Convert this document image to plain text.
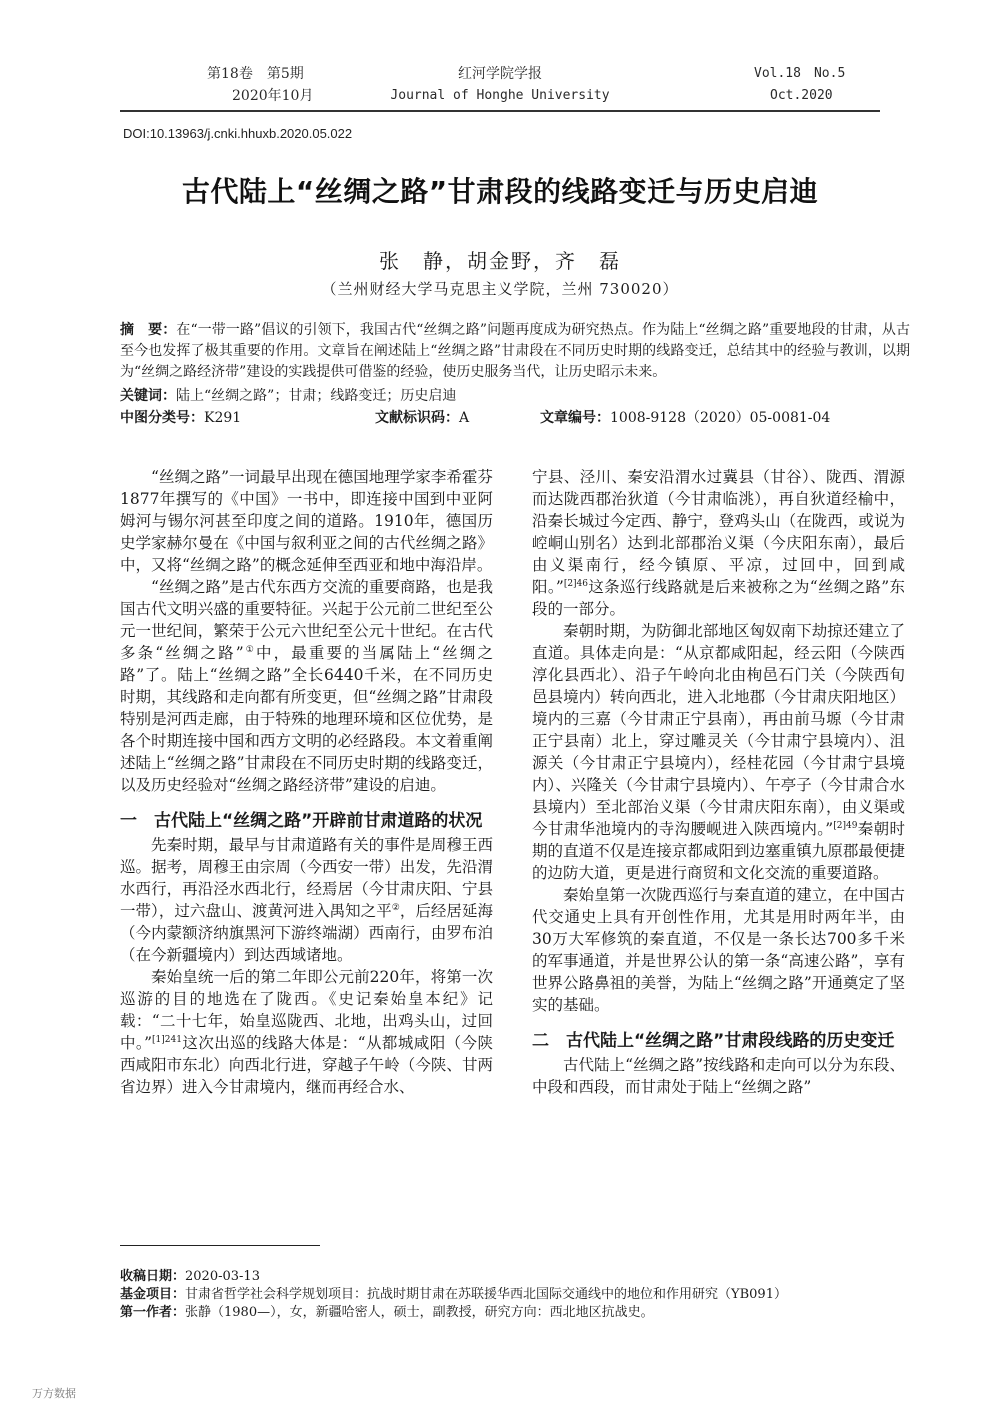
第18卷　第5期
2020年10月
红河学院学报
Journal of Honghe University
Vol.18　No.5
Oct.2020
DOI:10.13963/j.cnki.hhuxb.2020.05.022
古代陆上“丝绸之路”甘肃段的线路变迁与历史启迪
张　静，胡金野，齐　磊
（兰州财经大学马克思主义学院，兰州 730020）
摘　要：在“一带一路”倡议的引领下，我国古代“丝绸之路”问题再度成为研究热点。作为陆上“丝绸之路”重要地段的甘肃，从古至今也发挥了极其重要的作用。文章旨在阐述陆上“丝绸之路”甘肃段在不同历史时期的线路变迁，总结其中的经验与教训，以期为“丝绸之路经济带”建设的实践提供可借鉴的经验，使历史服务当代，让历史昭示未来。
关键词：陆上“丝绸之路”；甘肃；线路变迁；历史启迪
中图分类号：K291	文献标识码：A	文章编号：1008-9128（2020）05-0081-04

“丝绸之路”一词最早出现在德国地理学家李希霍芬1877年撰写的《中国》一书中，即连接中国到中亚阿姆河与锡尔河甚至印度之间的道路。1910年，德国历史学家赫尔曼在《中国与叙利亚之间的古代丝绸之路》中，又将“丝绸之路”的概念延伸至西亚和地中海沿岸。

“丝绸之路”是古代东西方交流的重要商路，也是我国古代文明兴盛的重要特征。兴起于公元前二世纪至公元一世纪间，繁荣于公元六世纪至公元十世纪。在古代多条“丝绸之路”①中，最重要的当属陆上“丝绸之路”了。陆上“丝绸之路”全长6440千米，在不同历史时期，其线路和走向都有所变更，但“丝绸之路”甘肃段特别是河西走廊，由于特殊的地理环境和区位优势，是各个时期连接中国和西方文明的必经路段。本文着重阐述陆上“丝绸之路”甘肃段在不同历史时期的线路变迁，以及历史经验对“丝绸之路经济带”建设的启迪。

一　古代陆上“丝绸之路”开辟前甘肃道路的状况

先秦时期，最早与甘肃道路有关的事件是周穆王西巡。据考，周穆王由宗周（今西安一带）出发，先沿渭水西行，再沿泾水西北行，经焉居（今甘肃庆阳、宁县一带），过六盘山、渡黄河进入禺知之平②，后经居延海（今内蒙额济纳旗黑河下游终端湖）西南行，由罗布泊（在今新疆境内）到达西域诸地。

秦始皇统一后的第二年即公元前220年，将第一次巡游的目的地选在了陇西。《史记秦始皇本纪》记载：“二十七年，始皇巡陇西、北地，出鸡头山，过回中。”$^{[1]241}$这次出巡的线路大体是：“从都城咸阳（今陕西咸阳市东北）向西北行进，穿越子午岭（今陕、甘两省边界）进入今甘肃境内，继而再经合水、

宁县、泾川、秦安沿渭水过冀县（甘谷）、陇西、渭源而达陇西郡治狄道（今甘肃临洮），再自狄道经榆中，沿秦长城过今定西、静宁，登鸡头山（在陇西，或说为崆峒山别名）达到北部郡治义渠（今庆阳东南），最后由义渠南行，经今镇原、平凉，过回中，回到咸阳。”$^{[2]46}$这条巡行线路就是后来被称之为“丝绸之路”东段的一部分。

秦朝时期，为防御北部地区匈奴南下劫掠还建立了直道。具体走向是：“从京都咸阳起，经云阳（今陕西淳化县西北）、沿子午岭向北由栒邑石门关（今陕西旬邑县境内）转向西北，进入北地郡（今甘肃庆阳地区）境内的三嘉（今甘肃正宁县南），再由前马塬（今甘肃正宁县南）北上，穿过雕灵关（今甘肃宁县境内）、沮源关（今甘肃正宁县境内），经桂花园（今甘肃宁县境内）、兴隆关（今甘肃宁县境内）、午亭子（今甘肃合水县境内）至北部治义渠（今甘肃庆阳东南），由义渠或今甘肃华池境内的寺沟腰岘进入陕西境内。”$^{[2]49}$秦朝时期的直道不仅是连接京都咸阳到边塞重镇九原郡最便捷的边防大道，更是进行商贸和文化交流的重要道路。

秦始皇第一次陇西巡行与秦直道的建立，在中国古代交通史上具有开创性作用，尤其是用时两年半，由30万大军修筑的秦直道，不仅是一条长达700多千米的军事通道，并是世界公认的第一条“高速公路”，享有世界公路鼻祖的美誉，为陆上“丝绸之路”开通奠定了坚实的基础。

二　古代陆上“丝绸之路”甘肃段线路的历史变迁

古代陆上“丝绸之路”按线路和走向可以分为东段、中段和西段，而甘肃处于陆上“丝绸之路”

收稿日期：2020-03-13
基金项目：甘肃省哲学社会科学规划项目：抗战时期甘肃在苏联援华西北国际交通线中的地位和作用研究（YB091）
第一作者：张静（1980—），女，新疆哈密人，硕士，副教授，研究方向：西北地区抗战史。
万方数据
